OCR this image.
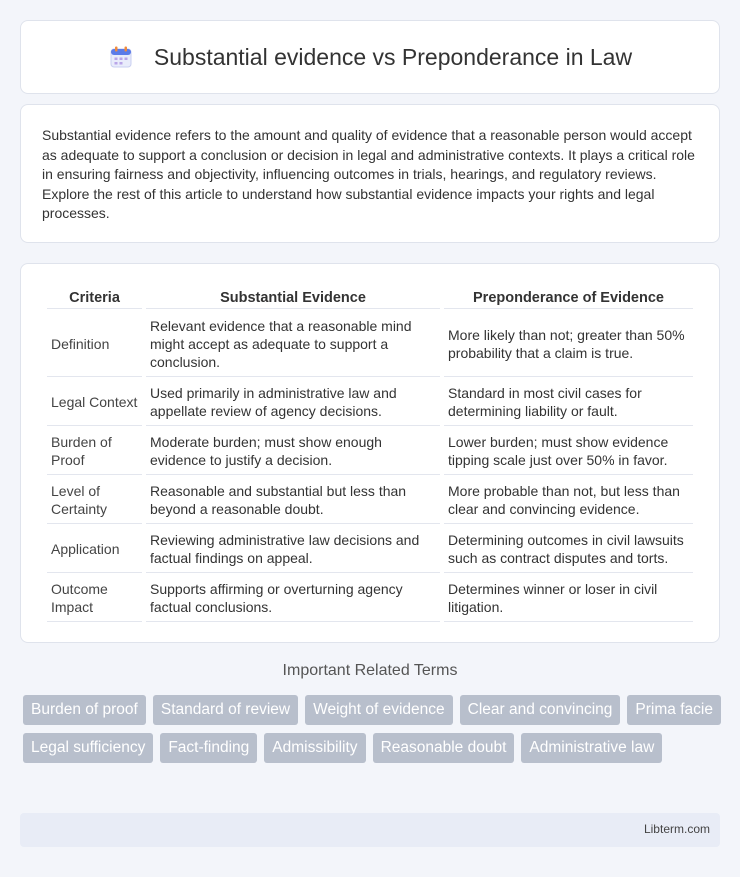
Substantial evidence vs Preponderance in Law

Substantial evidence refers to the amount and quality of evidence that a reasonable person would accept as adequate to support a conclusion or decision in legal and administrative contexts. It plays a critical role in ensuring fairness and objectivity, influencing outcomes in trials, hearings, and regulatory reviews. Explore the rest of this article to understand how substantial evidence impacts your rights and legal processes.

Criteria	Substantial Evidence	Preponderance of Evidence
Definition	Relevant evidence that a reasonable mind might accept as adequate to support a conclusion.	More likely than not; greater than 50% probability that a claim is true.
Legal Context	Used primarily in administrative law and appellate review of agency decisions.	Standard in most civil cases for determining liability or fault.
Burden of Proof	Moderate burden; must show enough evidence to justify a decision.	Lower burden; must show evidence tipping scale just over 50% in favor.
Level of Certainty	Reasonable and substantial but less than beyond a reasonable doubt.	More probable than not, but less than clear and convincing evidence.
Application	Reviewing administrative law decisions and factual findings on appeal.	Determining outcomes in civil lawsuits such as contract disputes and torts.
Outcome Impact	Supports affirming or overturning agency factual conclusions.	Determines winner or loser in civil litigation.
Important Related Terms
Burden of proof	Standard of review	Weight of evidence	Clear and convincing	Prima facie
Legal sufficiency	Fact-finding	Admissibility	Reasonable doubt	Administrative law
Libterm.com
